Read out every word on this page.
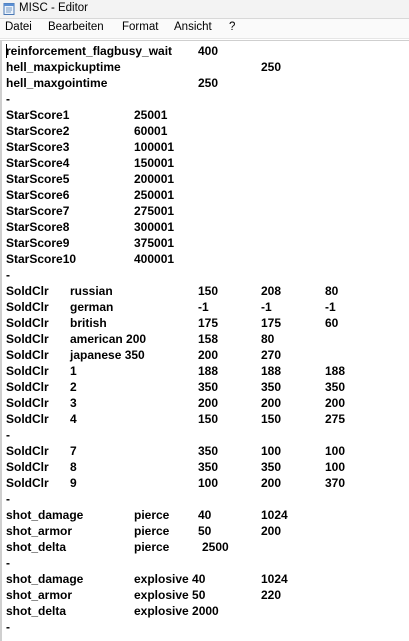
MISC - Editor
Datei Bearbeiten Format Ansicht ?
reinforcement_flagbusy_wait 400
hell_maxpickuptime	250
hell_maxgointime	250
-
StarScore1	25001
StarScore2	60001
StarScore3	100001
StarScore4	150001
StarScore5	200001
StarScore6	250001
StarScore7	275001
StarScore8	300001
StarScore9	375001
StarScore10	400001
-
SoldClr russian	150	208	80
SoldClr german	-1	-1	-1
SoldClr british	175	175	60
SoldClr american 200	158	80
SoldClr japanese 350	200	270
SoldClr 1	188	188	188
SoldClr 2	350	350	350
SoldClr 3	200	200	200
SoldClr 4	150	150	275
-
SoldClr 7	350	100	100
SoldClr 8	350	350	100
SoldClr 9	100	200	370
-
shot_damage	pierce 40	1024
shot_armor	pierce 50	200
shot_delta	pierce	2500
-
shot_damage	explosive 40	1024
shot_armor	explosive 50	220
shot_delta	explosive 2000
-
